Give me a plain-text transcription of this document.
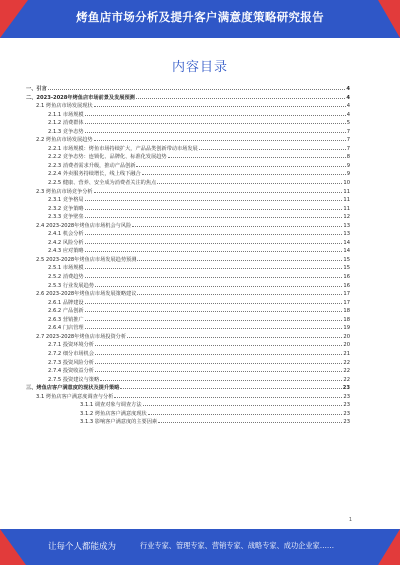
烤鱼店市场分析及提升客户满意度策略研究报告
内容目录
一、引言	4
二、2023-2028年烤鱼店市场前景及发展预测	4
2.1 烤鱼店市场发展现状	4
2.1.1 市场规模	4
2.1.2 消费群体	5
2.1.3 竞争态势	7
2.2 烤鱼店市场发展趋势	7
2.2.1 市场规模：烤鱼市场持续扩大，产品品类创新带动市场发展	7
2.2.2 竞争态势：连锁化、品牌化、标准化发展趋势	8
2.2.3 消费者需求升级，推动产品创新	9
2.2.4 外卖服务持续增长，线上线下融合	9
2.2.5 健康、营养、安全成为消费者关注的焦点	10
2.3 烤鱼店市场竞争分析	11
2.3.1 竞争格局	11
2.3.2 竞争策略	11
2.3.3 竞争壁垒	12
2.4 2023-2028年烤鱼店市场机会与风险	13
2.4.1 机会分析	13
2.4.2 风险分析	14
2.4.3 应对策略	14
2.5 2023-2028年烤鱼店市场发展趋势预测	15
2.5.1 市场规模	15
2.5.2 消费趋势	16
2.5.3 行业发展趋势	16
2.6 2023-2028年烤鱼店市场发展策略建议	17
2.6.1 品牌建设	17
2.6.2 产品创新	18
2.6.3 营销推广	18
2.6.4 门店管理	19
2.7 2023-2028年烤鱼店市场投资分析	20
2.7.1 投资环境分析	20
2.7.2 细分市场机会	21
2.7.3 投资风险分析	22
2.7.4 投资收益分析	22
2.7.5 投资建议与策略	22
三、烤鱼店客户满意度的现状及提升策略	23
3.1 烤鱼店客户满意度调查与分析	23
3.1.1 调查对象与调查方法	23
3.1.2 烤鱼店客户满意度现状	23
3.1.3 影响客户满意度的主要因素	23
1
让每个人都能成为	行业专家、管理专家、营销专家、战略专家、成功企业家……
